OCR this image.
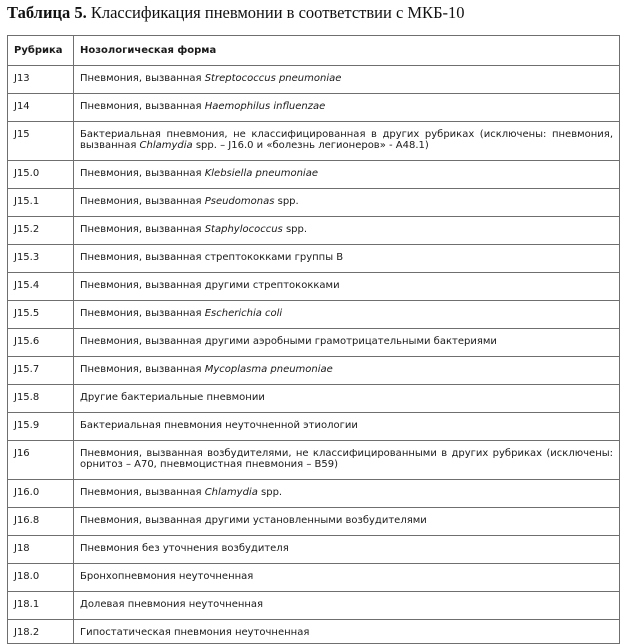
Таблица 5. Классификация пневмонии в соответствии с МКБ-10
Рубрика	Нозологическая форма
J13	Пневмония, вызванная Streptococcus pneumoniae
J14	Пневмония, вызванная Haemophilus influenzae
J15	Бактериальная пневмония, не классифицированная в других рубриках (исключены: пневмония, вызванная Chlamydia spp. – J16.0 и «болезнь легионеров» - A48.1)
J15.0	Пневмония, вызванная Klebsiella pneumoniae
J15.1	Пневмония, вызванная Pseudomonas spp.
J15.2	Пневмония, вызванная Staphylococcus spp.
J15.3	Пневмония, вызванная стрептококками группы B
J15.4	Пневмония, вызванная другими стрептококками
J15.5	Пневмония, вызванная Escherichia coli
J15.6	Пневмония, вызванная другими аэробными грамотрицательными бактериями
J15.7	Пневмония, вызванная Mycoplasma pneumoniae
J15.8	Другие бактериальные пневмонии
J15.9	Бактериальная пневмония неуточненной этиологии
J16	Пневмония, вызванная возбудителями, не классифицированными в других рубриках (исключены: орнитоз – A70, пневмоцистная пневмония – B59)
J16.0	Пневмония, вызванная Chlamydia spp.
J16.8	Пневмония, вызванная другими установленными возбудителями
J18	Пневмония без уточнения возбудителя
J18.0	Бронхопневмония неуточненная
J18.1	Долевая пневмония неуточненная
J18.2	Гипостатическая пневмония неуточненная
